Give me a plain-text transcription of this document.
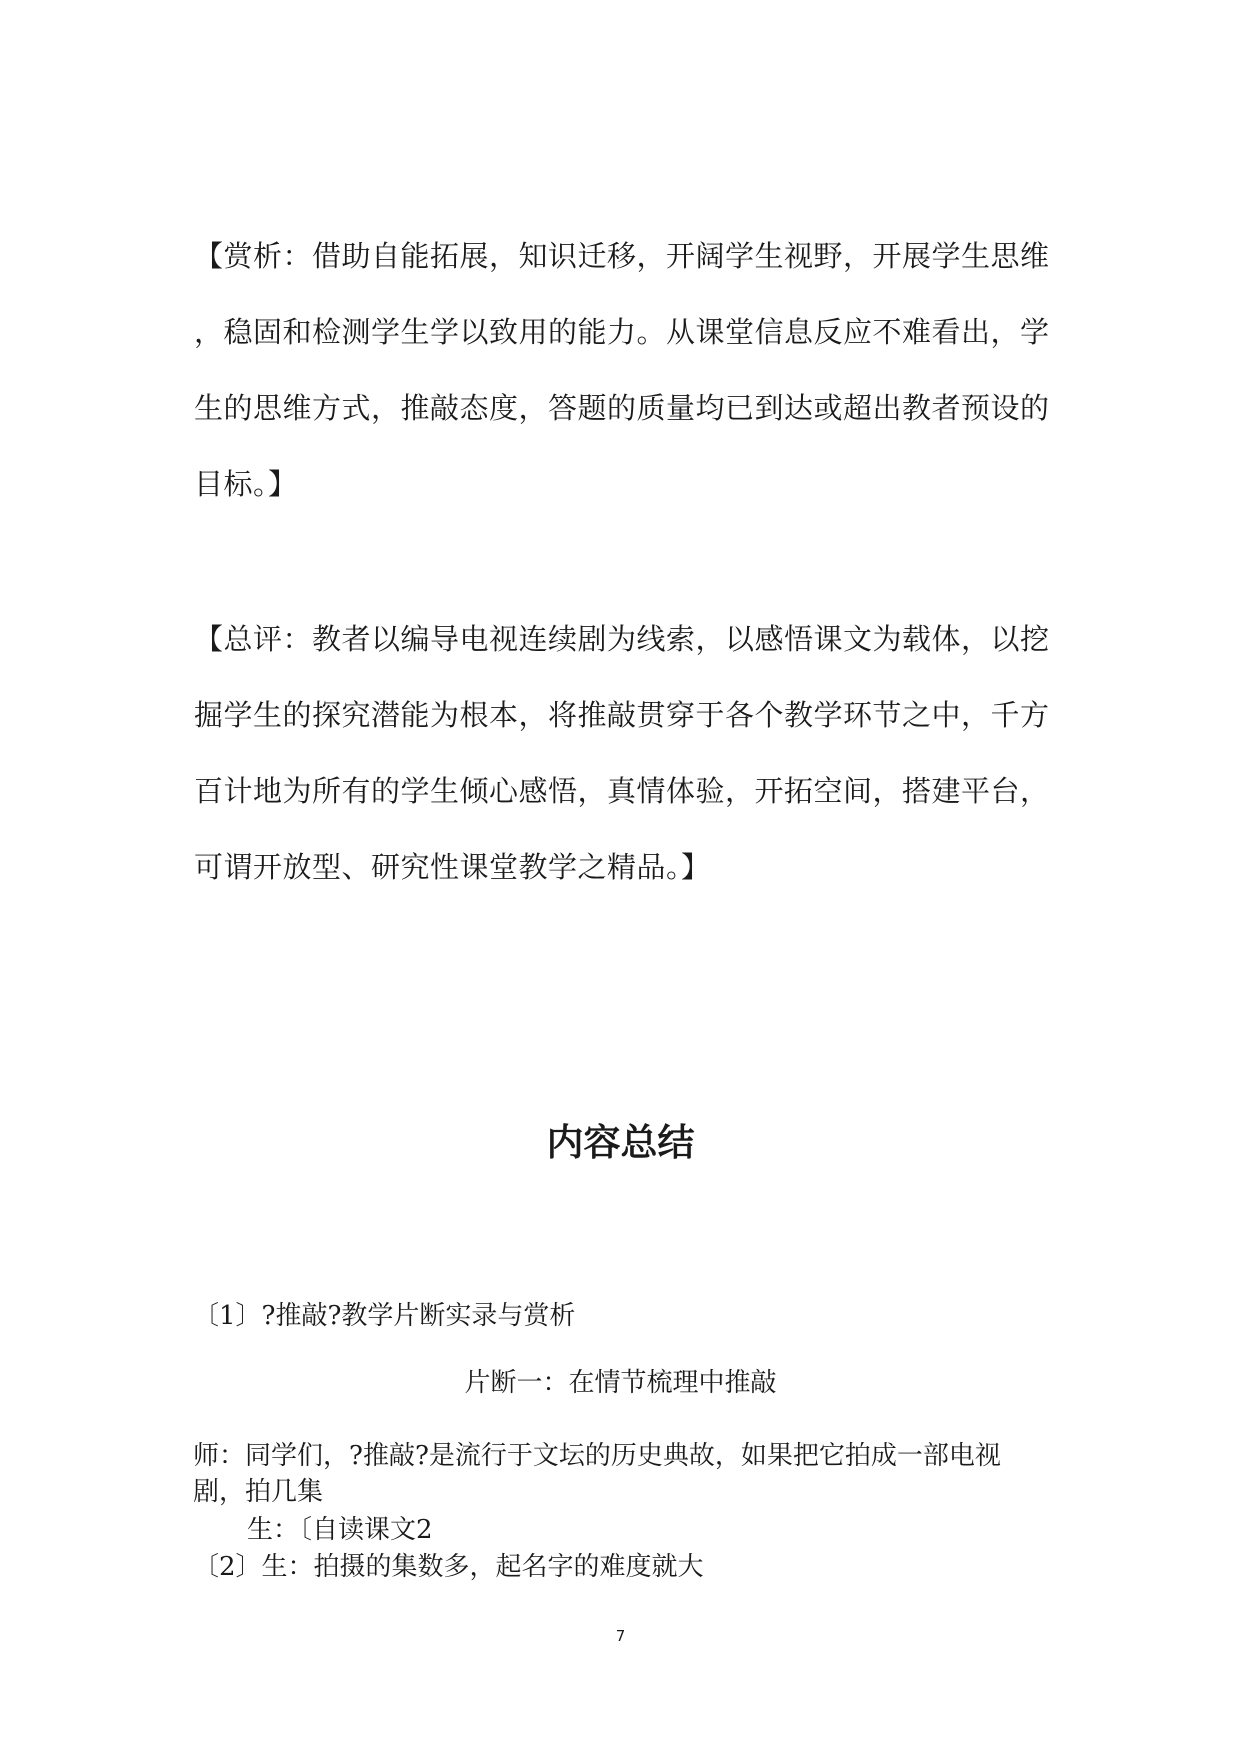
【赏析：借助自能拓展，知识迁移，开阔学生视野，开展学生思维
，稳固和检测学生学以致用的能力。从课堂信息反应不难看出，学
生的思维方式，推敲态度，答题的质量均已到达或超出教者预设的
目标。】
【总评：教者以编导电视连续剧为线索，以感悟课文为载体，以挖
掘学生的探究潜能为根本，将推敲贯穿于各个教学环节之中，千方
百计地为所有的学生倾心感悟，真情体验，开拓空间，搭建平台，
可谓开放型、研究性课堂教学之精品。】
内容总结

〔1〕?推敲?教学片断实录与赏析

片断一：在情节梳理中推敲

师：同学们，?推敲?是流行于文坛的历史典故，如果把它拍成一部电视

剧，拍几集

生：〔自读课文2

〔2〕生：拍摄的集数多，起名字的难度就大

7
